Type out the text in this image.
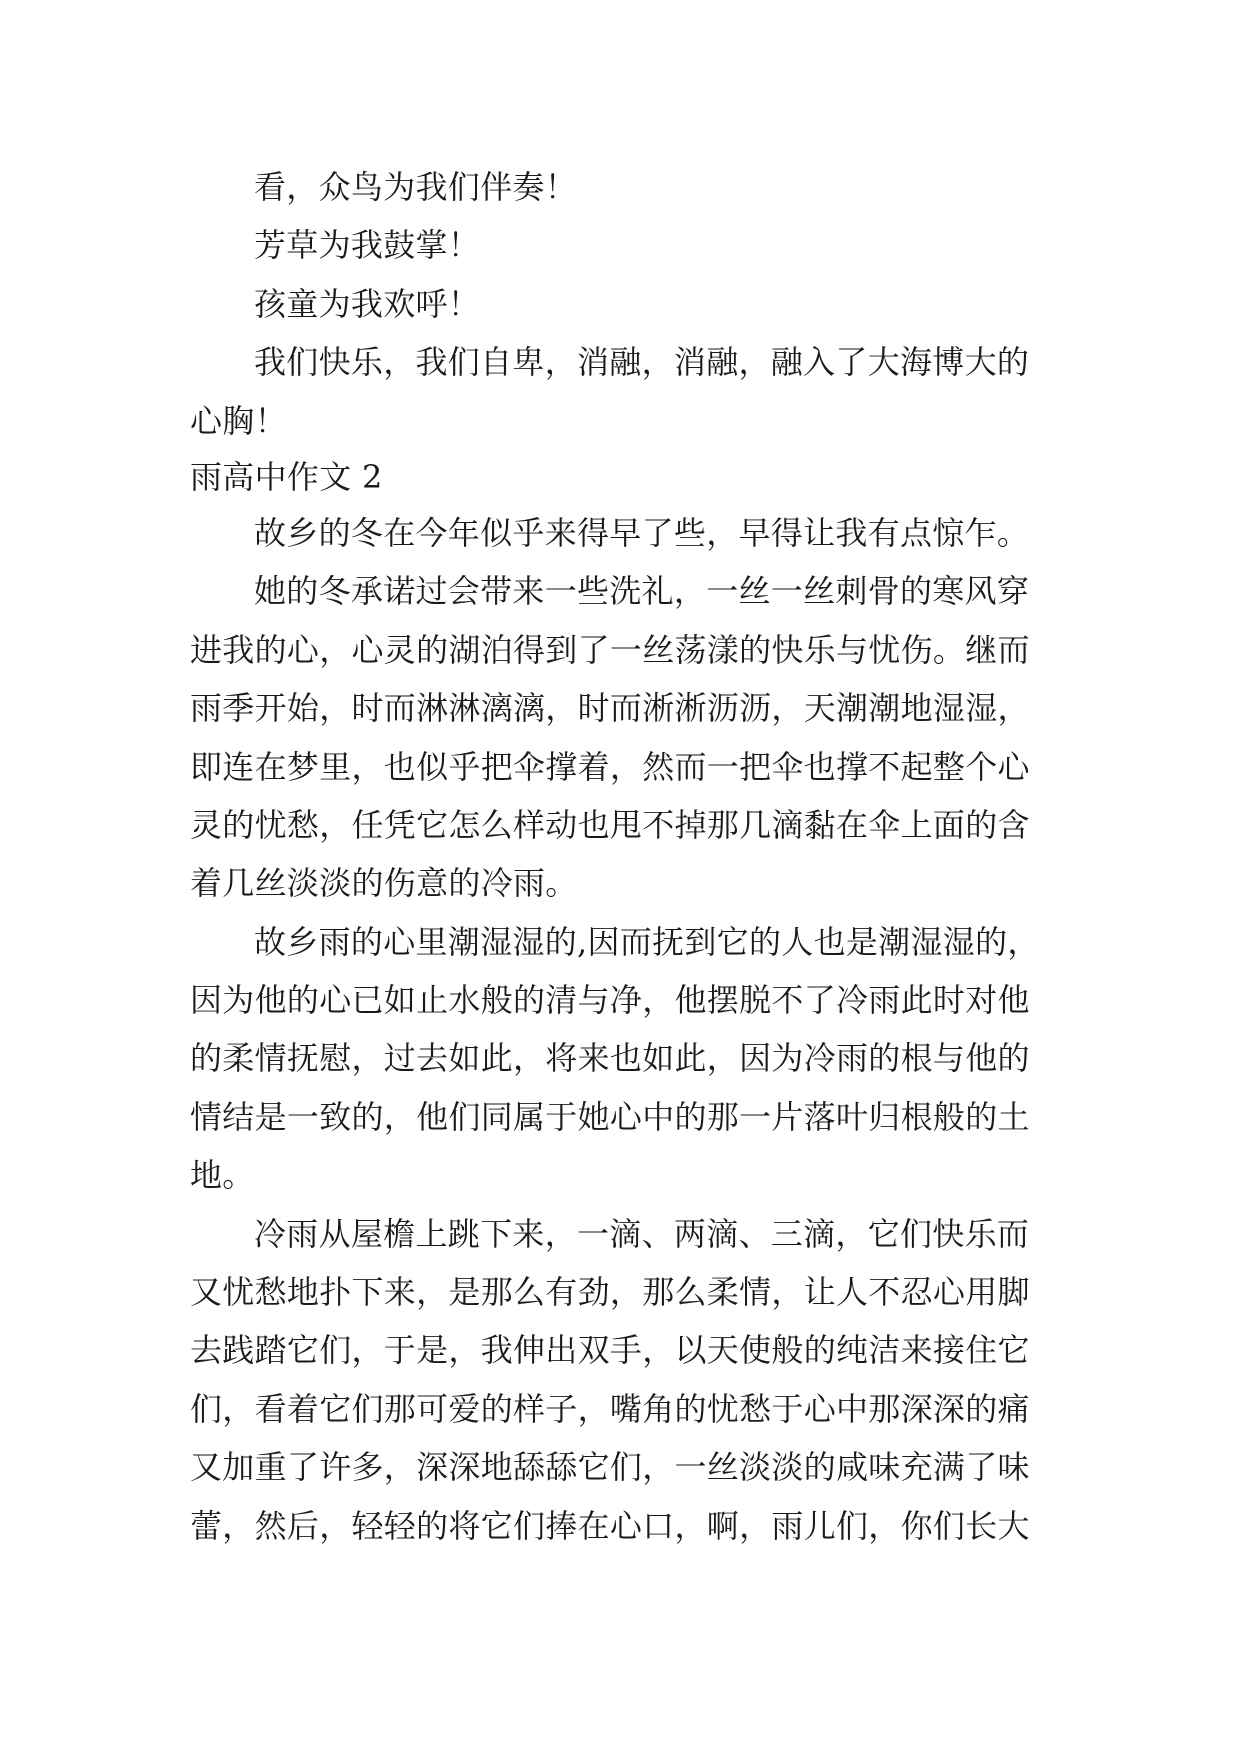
看，众鸟为我们伴奏！
芳草为我鼓掌！
孩童为我欢呼！
我们快乐，我们自卑，消融，消融，融入了大海博大的
心胸！
雨高中作文 2
故乡的冬在今年似乎来得早了些，早得让我有点惊乍。
她的冬承诺过会带来一些洗礼，一丝一丝刺骨的寒风穿
进我的心，心灵的湖泊得到了一丝荡漾的快乐与忧伤。继而
雨季开始，时而淋淋漓漓，时而淅淅沥沥，天潮潮地湿湿，
即连在梦里，也似乎把伞撑着，然而一把伞也撑不起整个心
灵的忧愁，任凭它怎么样动也甩不掉那几滴黏在伞上面的含
着几丝淡淡的伤意的冷雨。
故乡雨的心里潮湿湿的,因而抚到它的人也是潮湿湿的，
因为他的心已如止水般的清与净，他摆脱不了冷雨此时对他
的柔情抚慰，过去如此，将来也如此，因为冷雨的根与他的
情结是一致的，他们同属于她心中的那一片落叶归根般的土
地。
冷雨从屋檐上跳下来，一滴、两滴、三滴，它们快乐而
又忧愁地扑下来，是那么有劲，那么柔情，让人不忍心用脚
去践踏它们，于是，我伸出双手，以天使般的纯洁来接住它
们，看着它们那可爱的样子，嘴角的忧愁于心中那深深的痛
又加重了许多，深深地舔舔它们，一丝淡淡的咸味充满了味
蕾，然后，轻轻的将它们捧在心口，啊，雨儿们，你们长大
